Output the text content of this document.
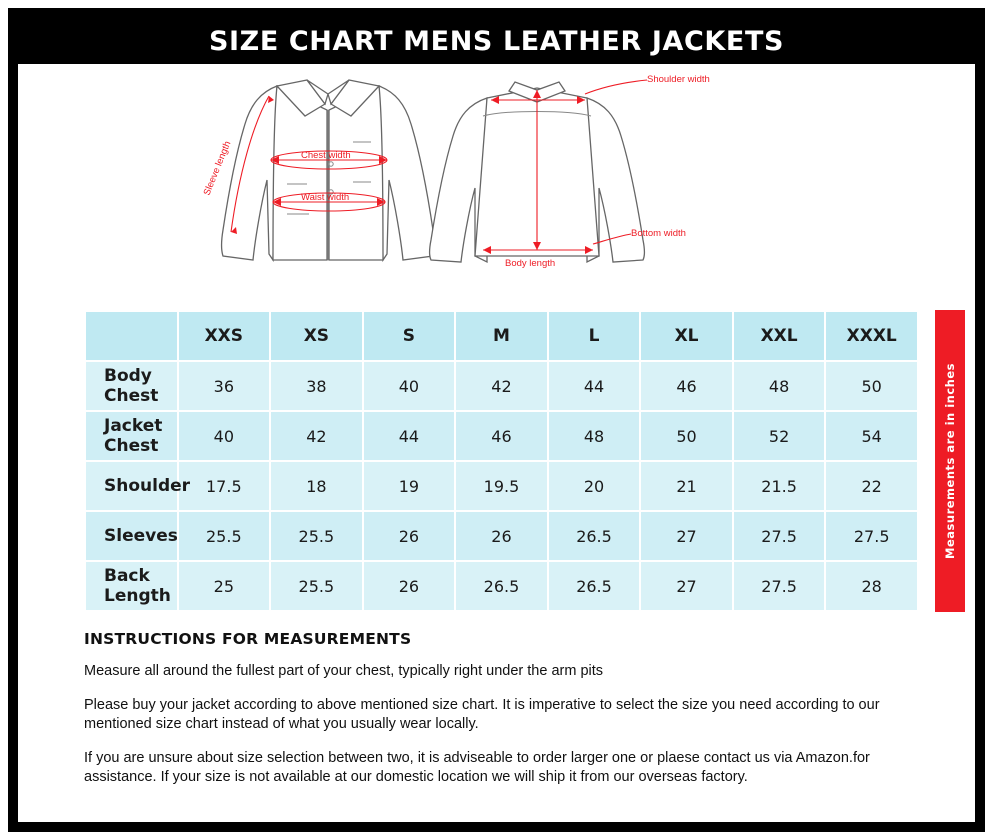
SIZE CHART MENS LEATHER JACKETS
Sleeve length	Chest width
Waist width
Shoulder width
Bottom width
Body length
	XXS	XS	S	M	L	XL	XXL	XXXL
Body Chest	36	38	40	42	44	46	48	50
Jacket Chest	40	42	44	46	48	50	52	54
Shoulder	17.5	18	19	19.5	20	21	21.5	22
Sleeves	25.5	25.5	26	26	26.5	27	27.5	27.5
Back Length	25	25.5	26	26.5	26.5	27	27.5	28
Measurements are in inches
INSTRUCTIONS FOR MEASUREMENTS

Measure all around the fullest part of your chest, typically right under the arm pits

Please buy your jacket according to above mentioned size chart. It is imperative to select the size you need according to our mentioned size chart instead of what you usually wear locally.

If you are unsure about size selection between two, it is adviseable to order larger one or plaese contact us via Amazon.for assistance. If your size is not available at our domestic location we will ship it from our overseas factory.
